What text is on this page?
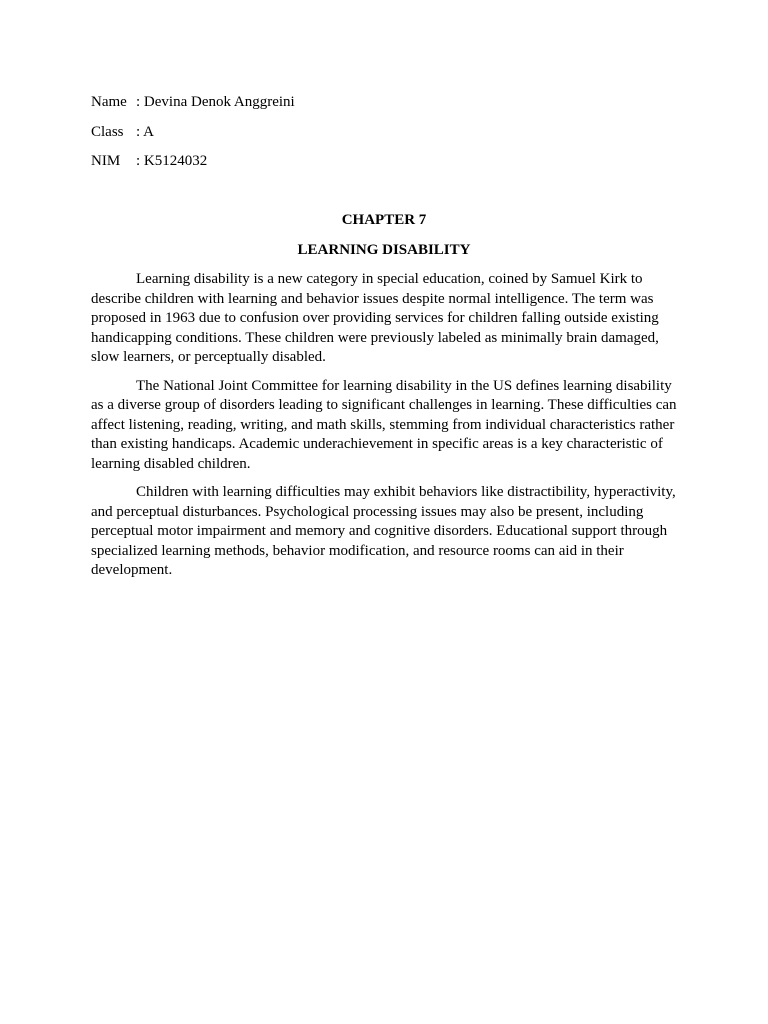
Name : Devina Denok Anggreini
Class : A
NIM : K5124032
CHAPTER 7
LEARNING DISABILITY

Learning disability is a new category in special education, coined by Samuel Kirk to describe children with learning and behavior issues despite normal intelligence. The term was proposed in 1963 due to confusion over providing services for children falling outside existing handicapping conditions. These children were previously labeled as minimally brain damaged, slow learners, or perceptually disabled.

The National Joint Committee for learning disability in the US defines learning disability as a diverse group of disorders leading to significant challenges in learning. These difficulties can affect listening, reading, writing, and math skills, stemming from individual characteristics rather than existing handicaps. Academic underachievement in specific areas is a key characteristic of learning disabled children.

Children with learning difficulties may exhibit behaviors like distractibility, hyperactivity, and perceptual disturbances. Psychological processing issues may also be present, including perceptual motor impairment and memory and cognitive disorders. Educational support through specialized learning methods, behavior modification, and resource rooms can aid in their development.
